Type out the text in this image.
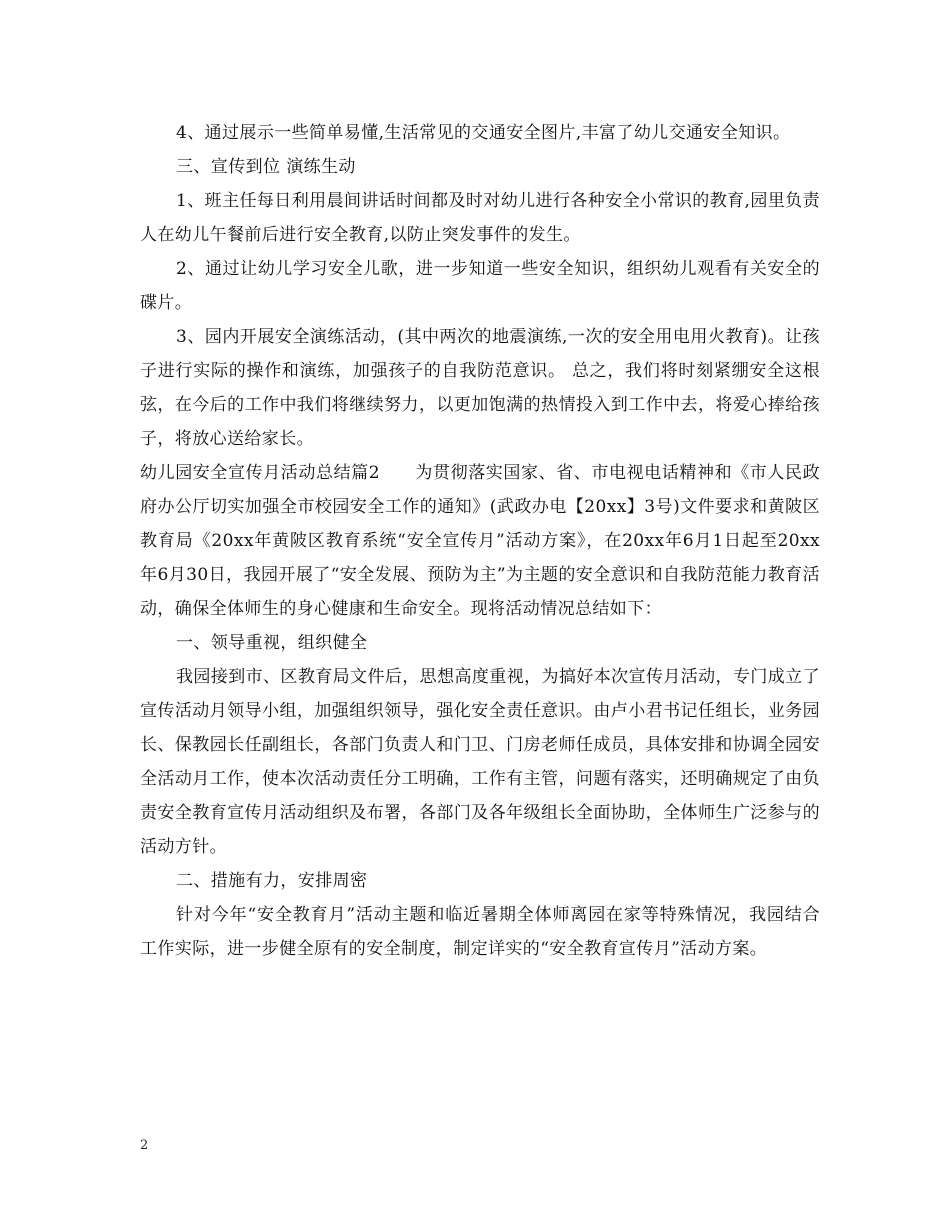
4、通过展示一些简单易懂,生活常见的交通安全图片,丰富了幼儿交通安全知识。

三、宣传到位 演练生动

1、班主任每日利用晨间讲话时间都及时对幼儿进行各种安全小常识的教育,园里负责人在幼儿午餐前后进行安全教育,以防止突发事件的发生。

2、通过让幼儿学习安全儿歌，进一步知道一些安全知识，组织幼儿观看有关安全的碟片。

3、园内开展安全演练活动，(其中两次的地震演练,一次的安全用电用火教育)。让孩子进行实际的操作和演练，加强孩子的自我防范意识。 总之，我们将时刻紧绷安全这根弦，在今后的工作中我们将继续努力，以更加饱满的热情投入到工作中去，将爱心捧给孩子，将放心送给家长。

幼儿园安全宣传月活动总结篇2　　为贯彻落实国家、省、市电视电话精神和《市人民政府办公厅切实加强全市校园安全工作的通知》(武政办电【20xx】3号)文件要求和黄陂区教育局《20xx年黄陂区教育系统“安全宣传月”活动方案》，在20xx年6月1日起至20xx年6月30日，我园开展了“安全发展、预防为主”为主题的安全意识和自我防范能力教育活动，确保全体师生的身心健康和生命安全。现将活动情况总结如下：

一、领导重视，组织健全

我园接到市、区教育局文件后，思想高度重视，为搞好本次宣传月活动，专门成立了宣传活动月领导小组，加强组织领导，强化安全责任意识。由卢小君书记任组长，业务园长、保教园长任副组长，各部门负责人和门卫、门房老师任成员，具体安排和协调全园安全活动月工作，使本次活动责任分工明确，工作有主管，问题有落实，还明确规定了由负责安全教育宣传月活动组织及布署，各部门及各年级组长全面协助，全体师生广泛参与的活动方针。

二、措施有力，安排周密

针对今年“安全教育月”活动主题和临近暑期全体师离园在家等特殊情况，我园结合工作实际，进一步健全原有的安全制度，制定详实的“安全教育宣传月”活动方案。

2
